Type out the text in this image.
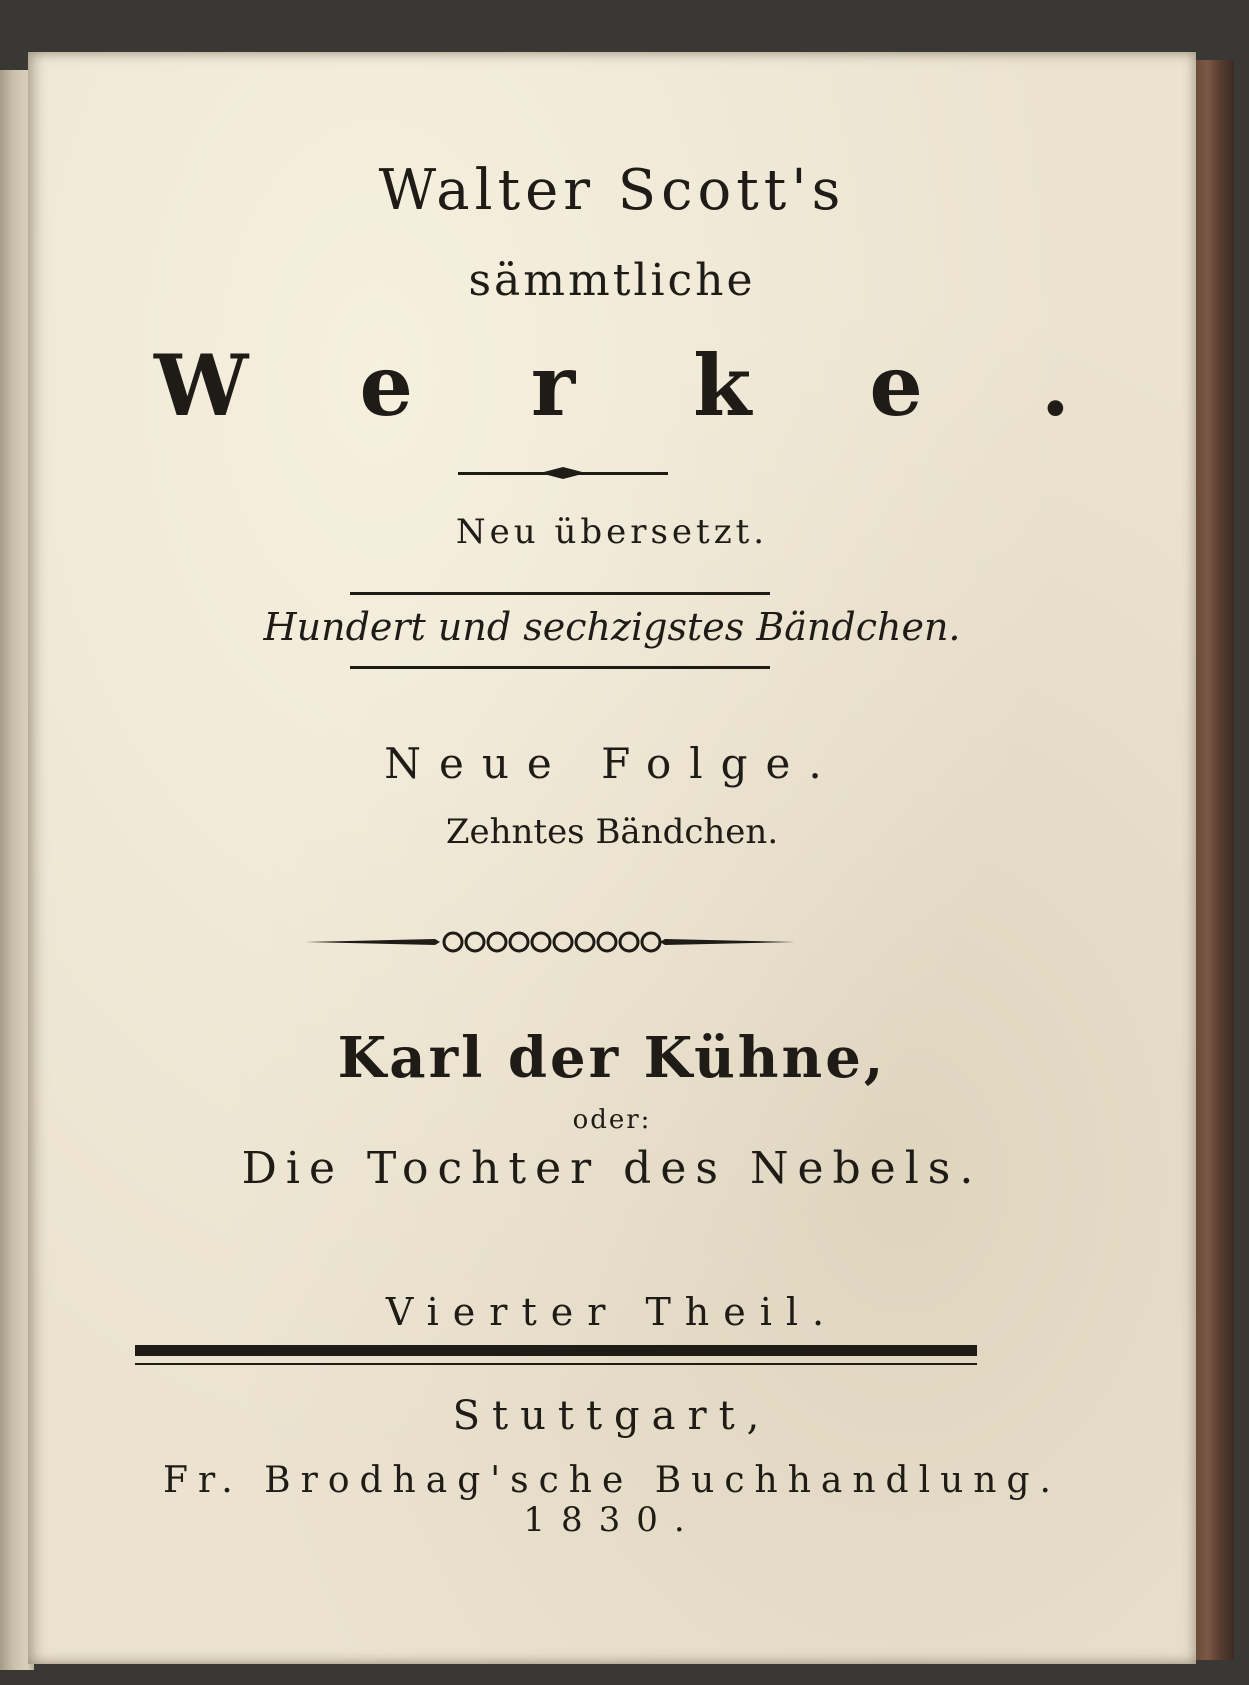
Walter Scott's
sämmtliche
Werke.
Neu übersetzt.
Hundert und sechzigstes Bändchen.
Neue Folge.
Zehntes Bändchen.
Karl der Kühne,
oder:
Die Tochter des Nebels.
Vierter Theil.
Stuttgart,
Fr. Brodhag'sche Buchhandlung.
1830.
